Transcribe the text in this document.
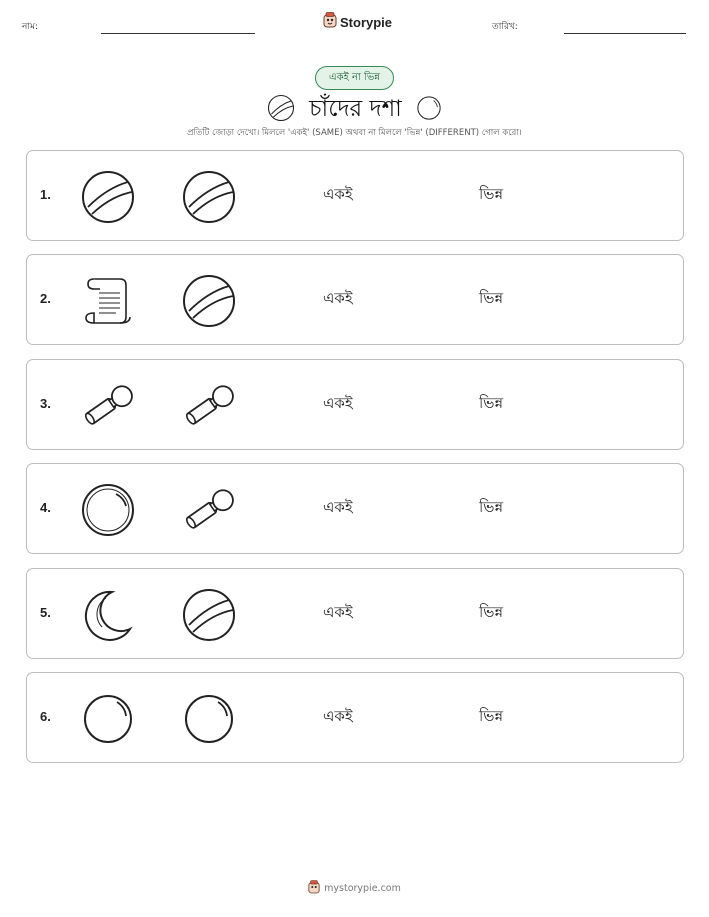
নাম:	Storypie	তারিখ:
একই না ভিন্ন
চাঁদের দশা
প্রতিটি জোড়া দেখো। মিললে 'একই' (SAME) অথবা না মিললে 'ভিন্ন' (DIFFERENT) গোল করো।
1.	একই	ভিন্ন
2.	একই	ভিন্ন
3.	একই	ভিন্ন
4.	একই	ভিন্ন
5.	একই	ভিন্ন
6.	একই	ভিন্ন
mystorypie.com
